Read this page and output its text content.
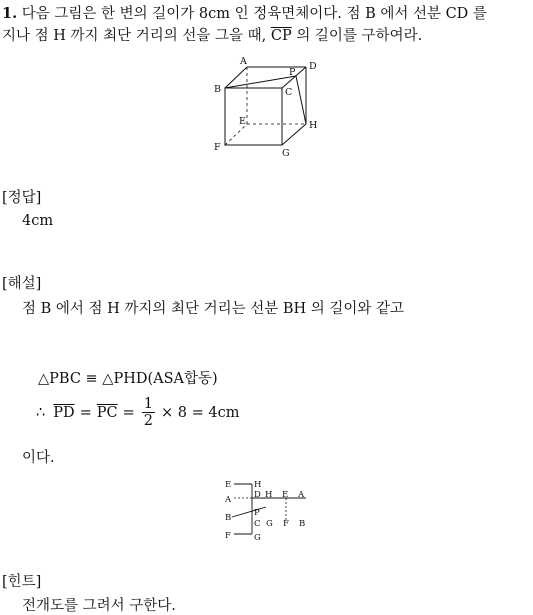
1. 다음 그림은 한 변의 길이가 8cm 인 정육면체이다. 점 B 에서 선분 CD 를
지나 점 H 까지 최단 거리의 선을 그을 때, $\overline{CP}$ 의 길이를 구하여라.
A
P
D
B	C
E	H
F
G
[정답]
4cm
[해설]
점 B 에서 점 H 까지의 최단 거리는 선분 BH 의 길이와 같고
△PBC ≡ △PHD(ASA합동)
∴ $\overline{PD} = \overline{PC} = \frac{1}{2} \times 8 = 4cm$
이다.
E	H
A	D H E A
B	P
C G F B
F	G
[힌트]
전개도를 그려서 구한다.
